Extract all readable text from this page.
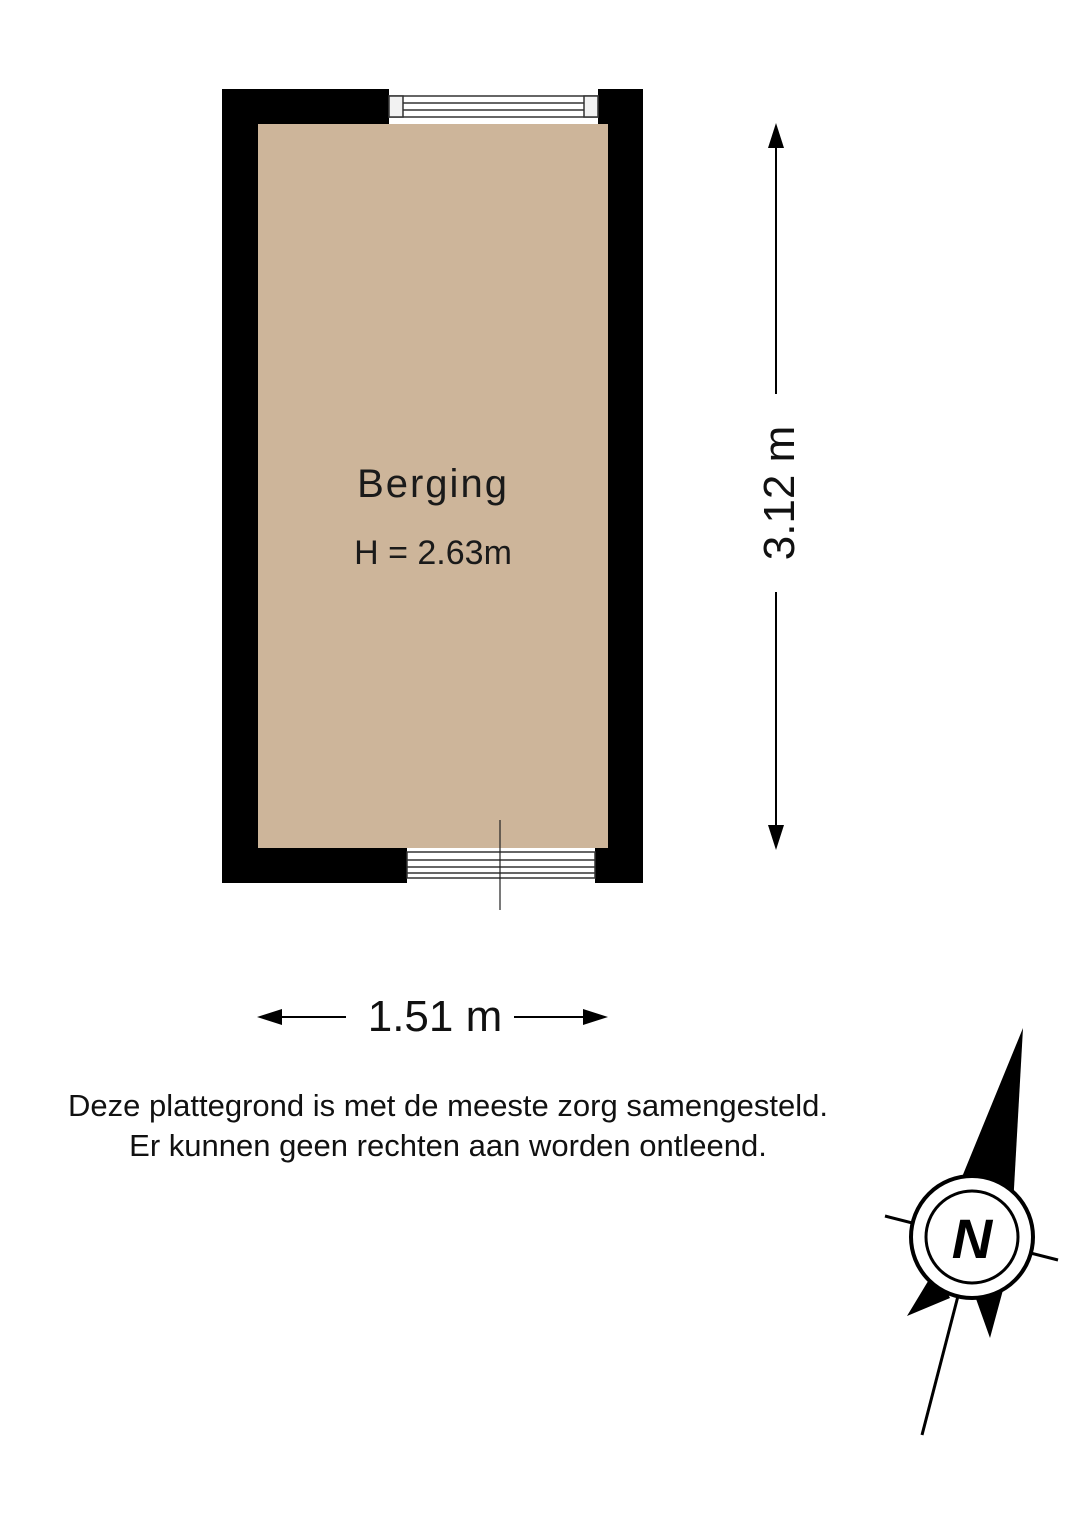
N
Berging
H = 2.63m
1.51 m
3.12 m
Deze plattegrond is met de meeste zorg samengesteld.
Er kunnen geen rechten aan worden ontleend.
